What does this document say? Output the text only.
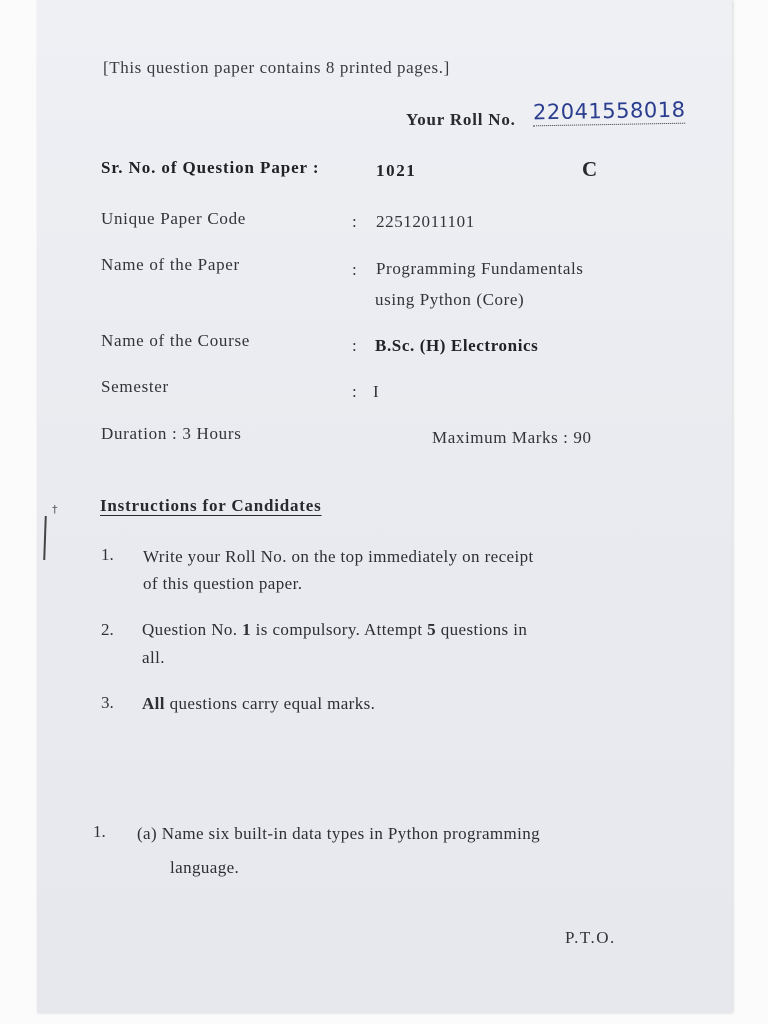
†
[This question paper contains 8 printed pages.]
Your Roll No. 22041558018
Sr. No. of Question Paper :	1021	C
Unique Paper Code	: 22512011101
Name of the Paper	: Programming Fundamentals
using Python (Core)
Name of the Course	: B.Sc. (H) Electronics
Semester	: I
Duration : 3 Hours	Maximum Marks : 90
Instructions for Candidates
1. Write your Roll No. on the top immediately on receipt
of this question paper.
2. Question No. 1 is compulsory. Attempt 5 questions in
all.
3. All questions carry equal marks.
1. (a) Name six built-in data types in Python programming
language.
P.T.O.
